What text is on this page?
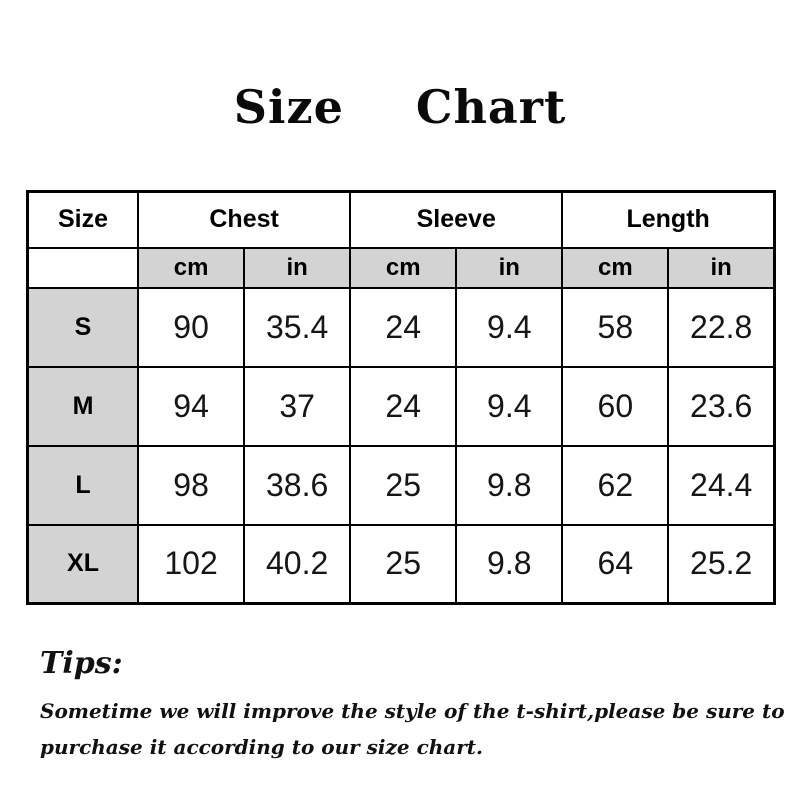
Size Chart
Size	Chest		Sleeve		Length	
	cm	in	cm	in	cm	in
S	90	35.4	24	9.4	58	22.8
M	94	37	24	9.4	60	23.6
L	98	38.6	25	9.8	62	24.4
XL	102	40.2	25	9.8	64	25.2
Tips:
Sometime we will improve the style of the t-shirt,please be sure to purchase it according to our size chart.
